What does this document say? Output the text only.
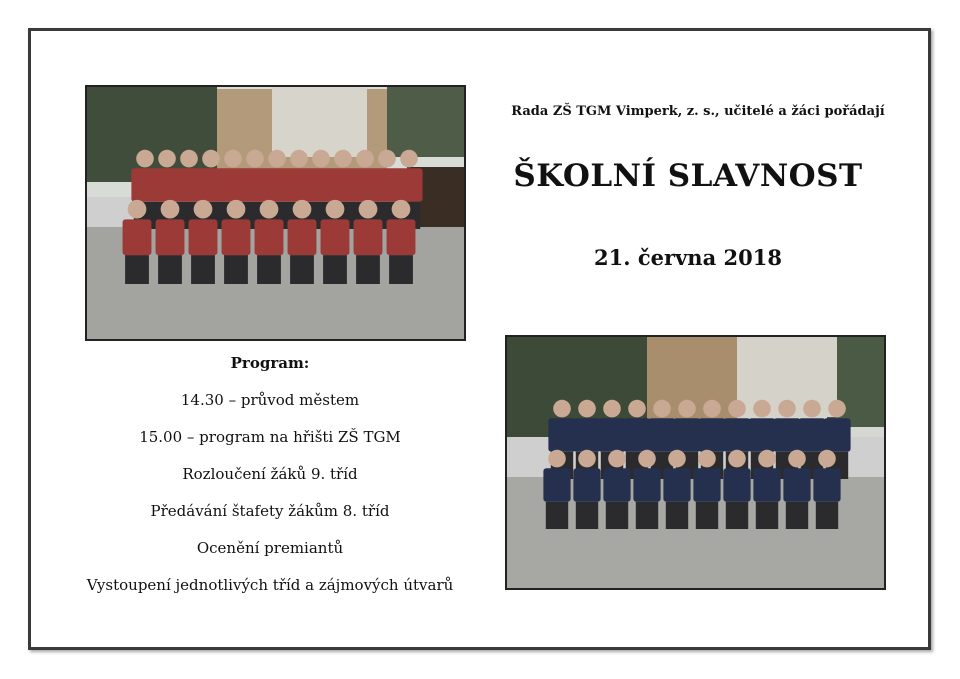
Rada ZŠ TGM Vimperk, z. s., učitelé a žáci pořádají
ŠKOLNÍ SLAVNOST
21. června 2018
Program:
14.30 – průvod městem
15.00 – program na hřišti ZŠ TGM
Rozloučení žáků 9. tříd
Předávání štafety žákům 8. tříd
Ocenění premiantů
Vystoupení jednotlivých tříd a zájmových útvarů
